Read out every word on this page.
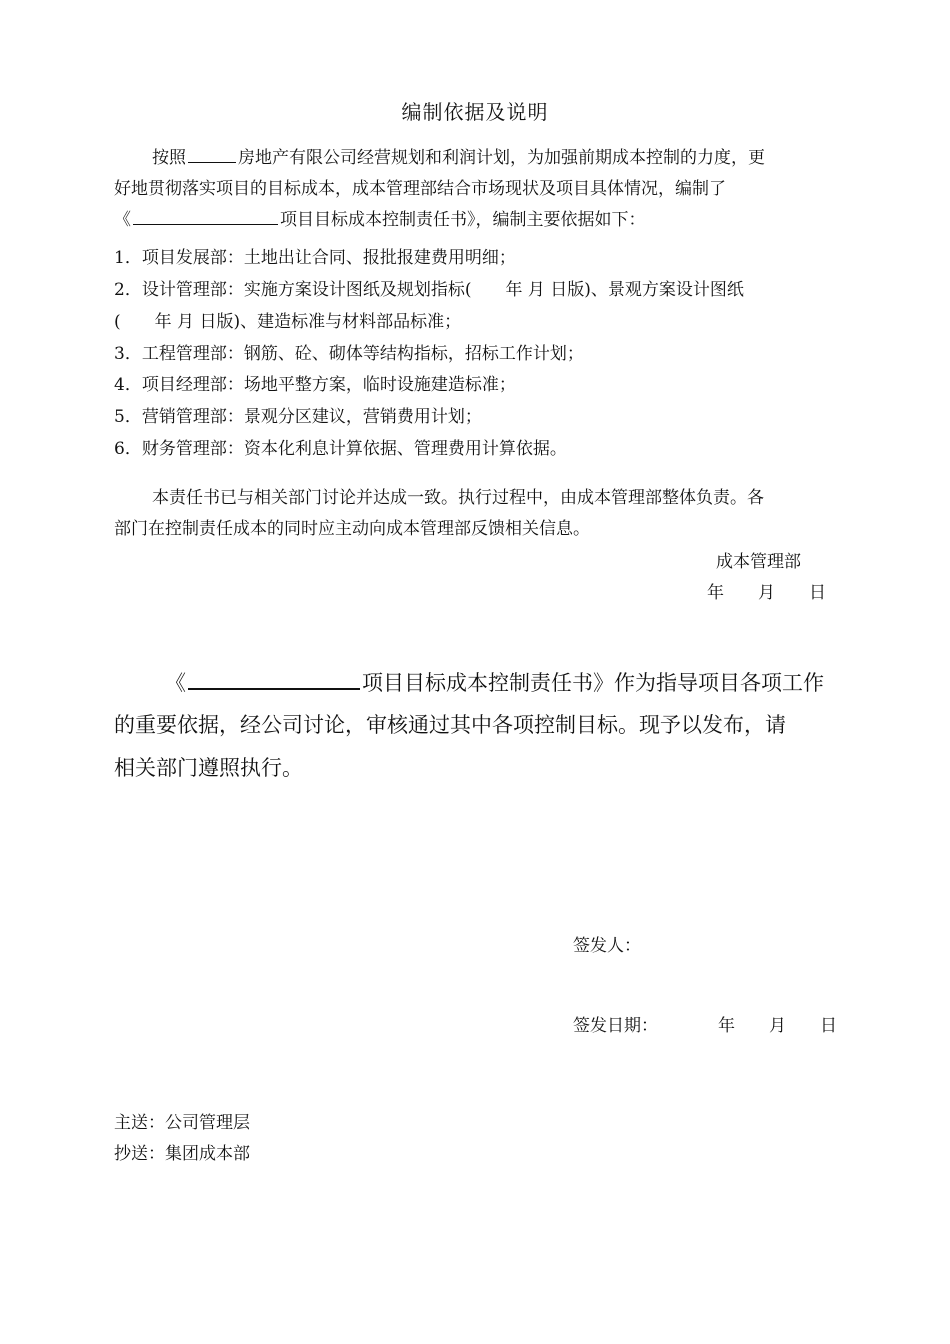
编制依据及说明
按照	房地产有限公司经营规划和利润计划，为加强前期成本控制的力度，更
好地贯彻落实项目的目标成本，成本管理部结合市场现状及项目具体情况，编制了
《	项目目标成本控制责任书》，编制主要依据如下：
1．项目发展部：土地出让合同、报批报建费用明细；
2．设计管理部：实施方案设计图纸及规划指标(　　年 月 日版)、景观方案设计图纸
(　　年 月 日版)、建造标准与材料部品标准；
3．工程管理部：钢筋、砼、砌体等结构指标，招标工作计划；
4．项目经理部：场地平整方案，临时设施建造标准；
5．营销管理部：景观分区建议，营销费用计划；
6．财务管理部：资本化利息计算依据、管理费用计算依据。
本责任书已与相关部门讨论并达成一致。执行过程中，由成本管理部整体负责。各
部门在控制责任成本的同时应主动向成本管理部反馈相关信息。
成本管理部
年　　月　　日
《	项目目标成本控制责任书》作为指导项目各项工作
的重要依据，经公司讨论，审核通过其中各项控制目标。现予以发布，请
相关部门遵照执行。
签发人：
签发日期：	年　　月　　日
主送：公司管理层
抄送：集团成本部
